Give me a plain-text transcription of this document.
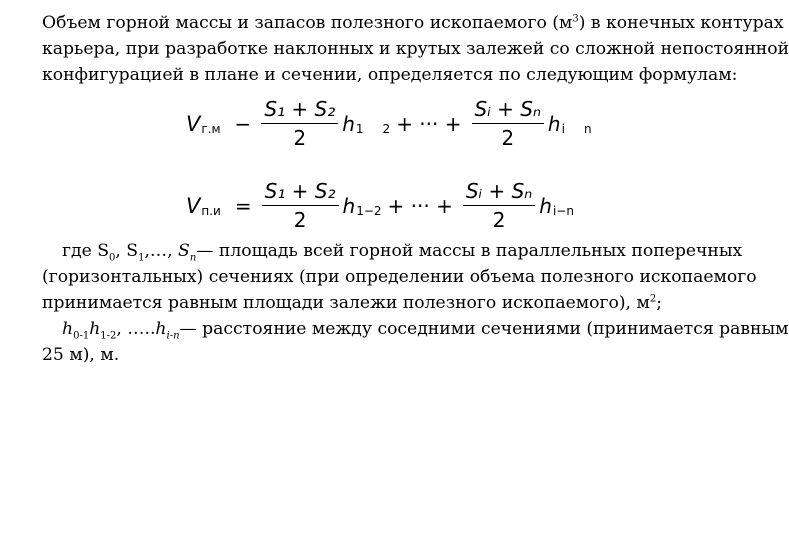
Объем горной массы и запасов полезного ископаемого $(м^3)$ в конечных контурах
карьера, при разработке наклонных и крутых залежей со сложной непостоянной
конфигурацией в плане и сечении, определяется по следующим формулам:
V $г.м - \frac{\text{S₁ + S₂}}{2}$ h 1 2 + ··· + $\frac{\text{Sᵢ + Sₙ}}{2}$ h i n
V $п.и = \frac{\text{S₁ + S₂}}{2}$ h 1−2 + ··· + $\frac{\text{Sᵢ + Sₙ}}{2}$ h i−n
где $S_0$, $S_1,\dots$, $S_n—$ площадь всей горной массы в параллельных поперечных
(горизонтальных) сечениях (при определении объема полезного ископаемого
принимается равным площади залежи полезного ископаемого), $м^2$;
$h_{0-1}h_{1-2}$, $\dots..h_{i-n}—$ расстояние между соседними сечениями (принимается равным
25 м), м.
